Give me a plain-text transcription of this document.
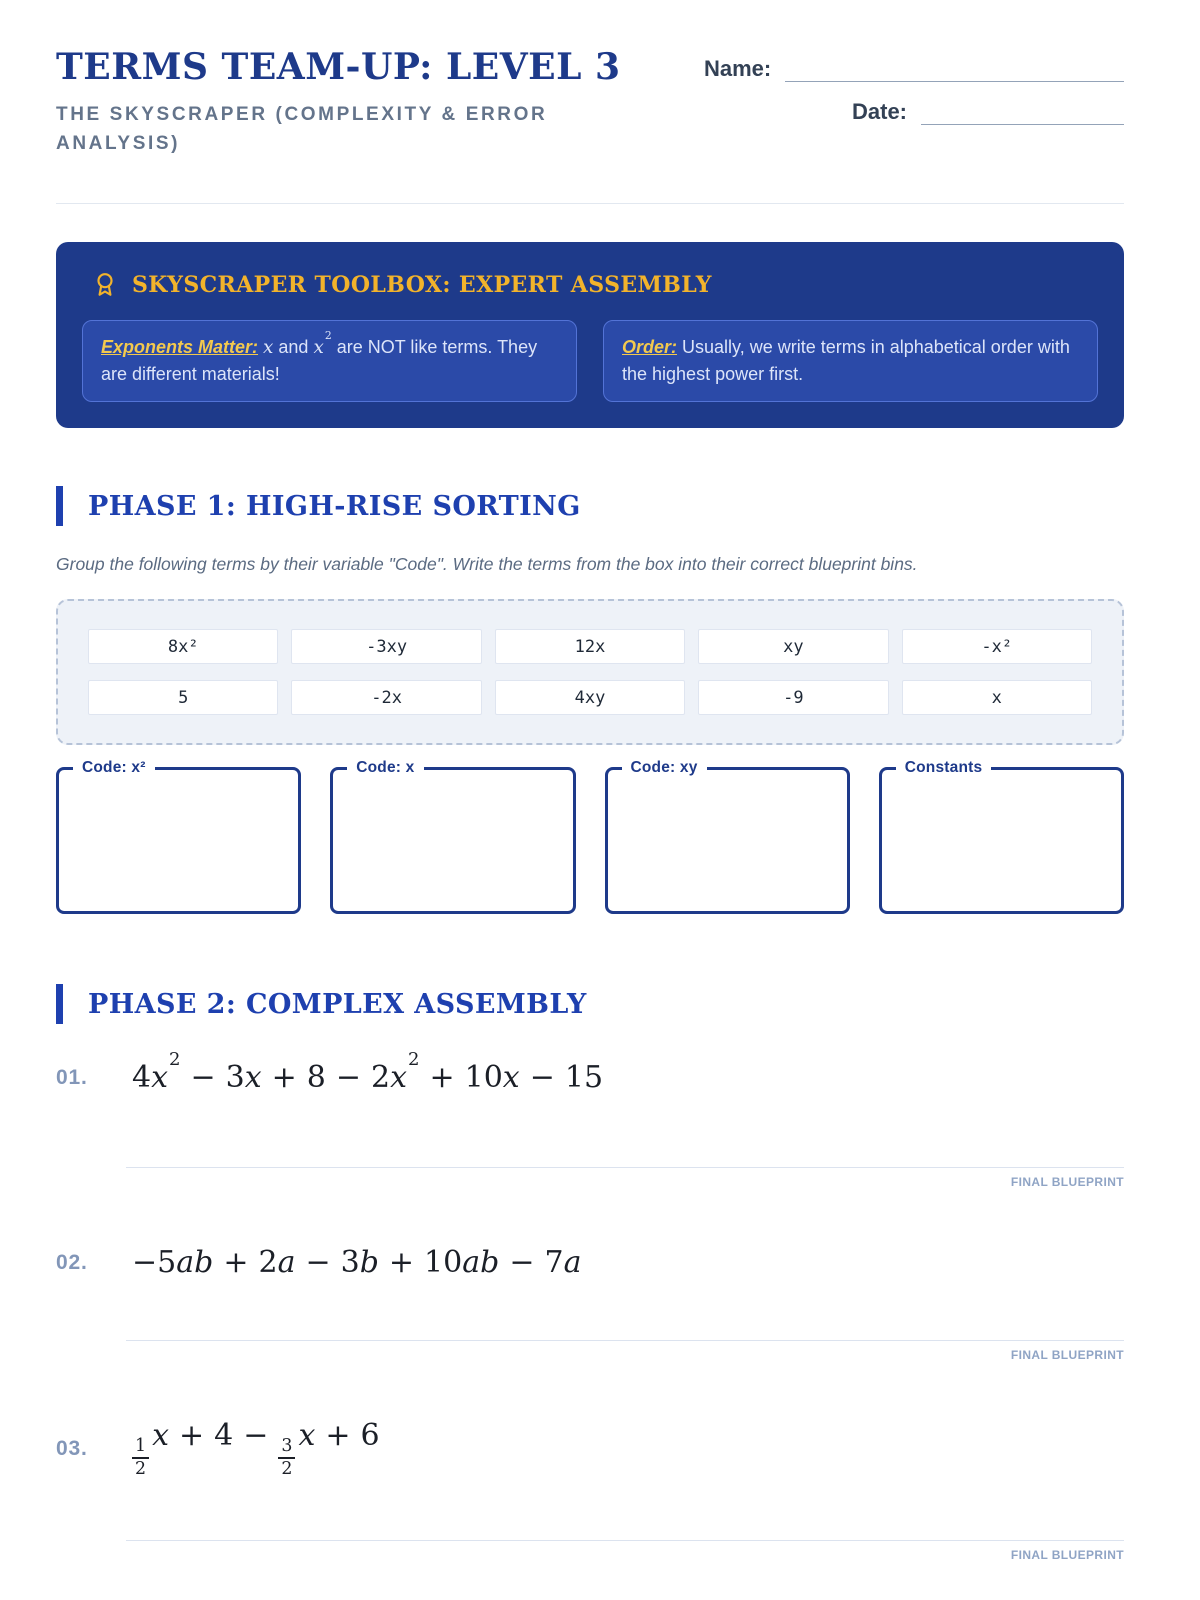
TERMS TEAM-UP: LEVEL 3
THE SKYSCRAPER (COMPLEXITY & ERROR ANALYSIS)
Name:
Date:
SKYSCRAPER TOOLBOX: EXPERT ASSEMBLY
Exponents Matter: x and $x^2$ are NOT like terms. They are different materials!
Order: Usually, we write terms in alphabetical order with the highest power first.
PHASE 1: HIGH-RISE SORTING

Group the following terms by their variable "Code". Write the terms from the box into their correct blueprint bins.

8x²	-3xy	12x	xy	-x²
5	-2x	4xy	-9	x
Code: x²	Code: x	Code: xy	Constants
PHASE 2: COMPLEX ASSEMBLY
01.	$4x^2- 3x + 8 - 2x^2+ 10x - 15$
FINAL BLUEPRINT
02.	−5ab + 2a − 3b + 10ab − 7a
FINAL BLUEPRINT
03.	$\frac{1}{2}$
x + 4 −
$\frac{3}{2}$
x + 6
FINAL BLUEPRINT
